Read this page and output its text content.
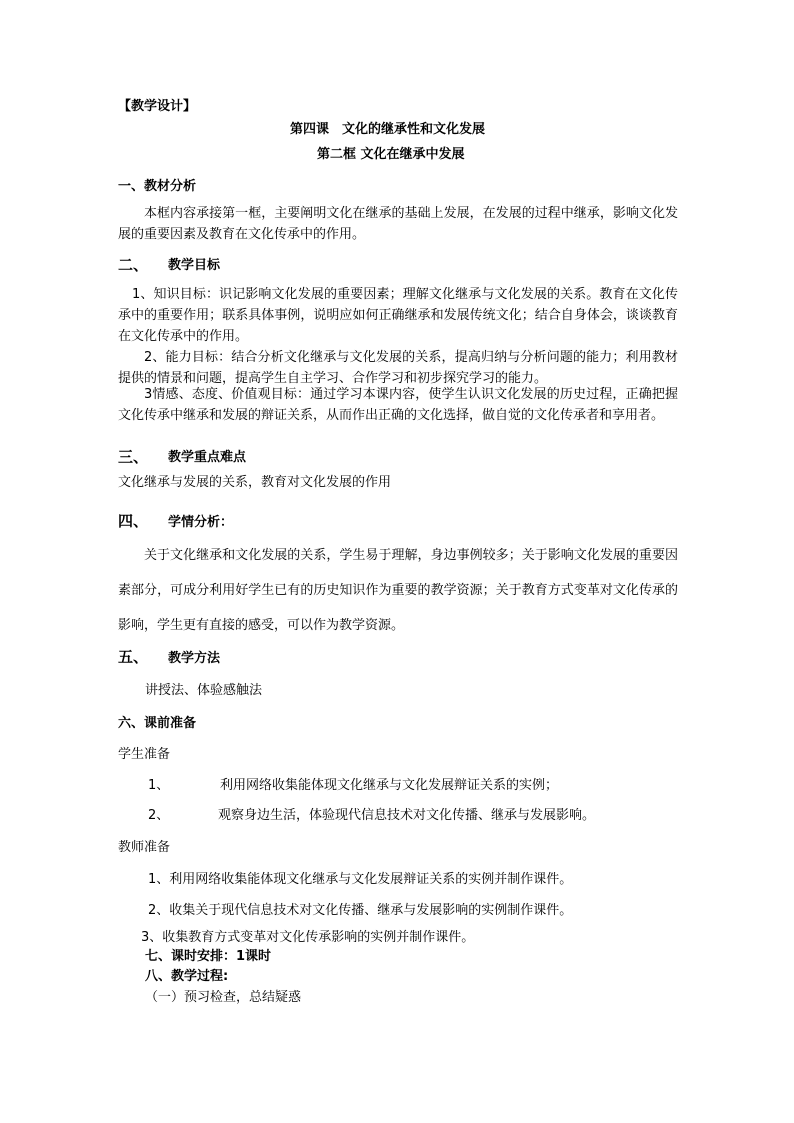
【教学设计】
第四课　文化的继承性和文化发展
第二框 文化在继承中发展
一、教材分析
本框内容承接第一框，主要阐明文化在继承的基础上发展，在发展的过程中继承，影响文化发展的重要因素及教育在文化传承中的作用。
二、 教学目标
1、知识目标：识记影响文化发展的重要因素；理解文化继承与文化发展的关系。教育在文化传承中的重要作用；联系具体事例，说明应如何正确继承和发展传统文化；结合自身体会，谈谈教育在文化传承中的作用。
2、能力目标：结合分析文化继承与文化发展的关系，提高归纳与分析问题的能力；利用教材提供的情景和问题，提高学生自主学习、合作学习和初步探究学习的能力。
3情感、态度、价值观目标：通过学习本课内容，使学生认识文化发展的历史过程，正确把握文化传承中继承和发展的辩证关系，从而作出正确的文化选择，做自觉的文化传承者和享用者。
三、 教学重点难点
文化继承与发展的关系，教育对文化发展的作用
四、 学情分析：
关于文化继承和文化发展的关系，学生易于理解，身边事例较多；关于影响文化发展的重要因素部分，可成分利用好学生已有的历史知识作为重要的教学资源；关于教育方式变革对文化传承的影响，学生更有直接的感受，可以作为教学资源。
五、 教学方法
讲授法、体验感触法
六、课前准备
学生准备
1、	利用网络收集能体现文化继承与文化发展辩证关系的实例；
2、	观察身边生活，体验现代信息技术对文化传播、继承与发展影响。
教师准备
1、利用网络收集能体现文化继承与文化发展辩证关系的实例并制作课件。
2、收集关于现代信息技术对文化传播、继承与发展影响的实例制作课件。
3、收集教育方式变革对文化传承影响的实例并制作课件。
七、课时安排：1课时
八、教学过程:
（一）预习检查，总结疑惑
